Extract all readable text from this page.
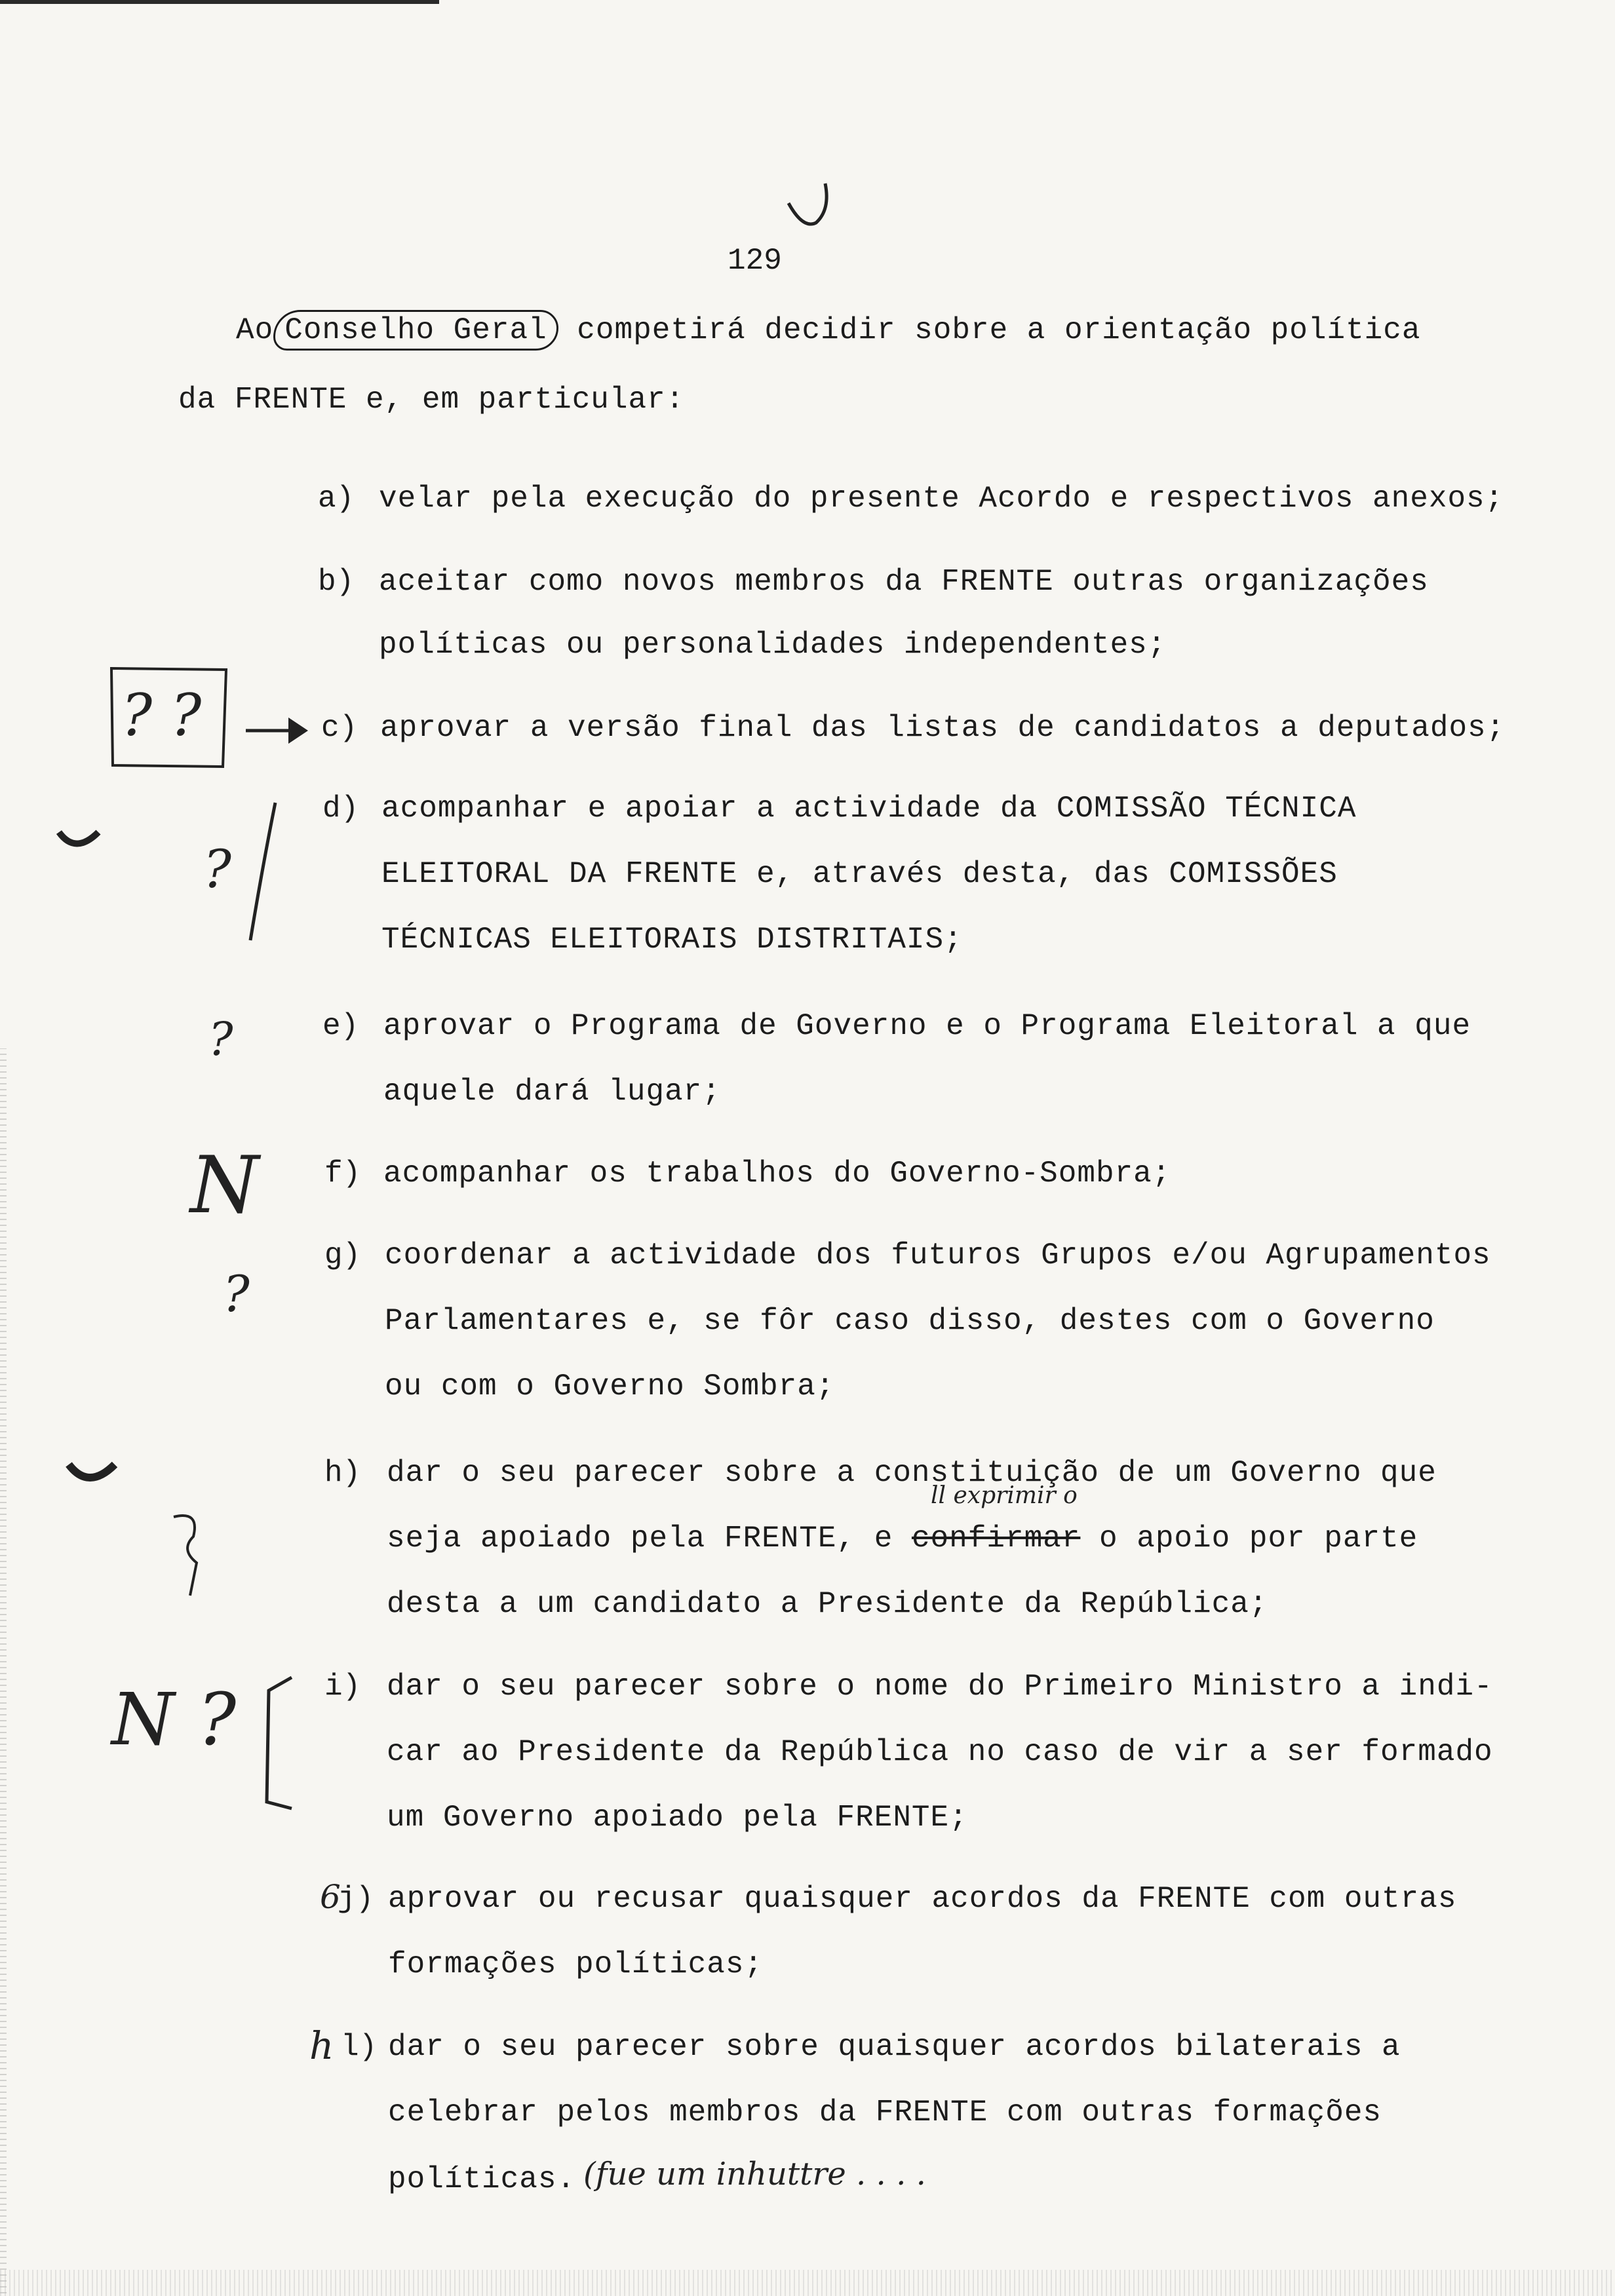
129
Ao Conselho Geral competirá decidir sobre a orientação política
da FRENTE e, em particular:
a) velar pela execução do presente Acordo e respectivos anexos;
b) aceitar como novos membros da FRENTE outras organizações
políticas ou personalidades independentes;
c) aprovar a versão final das listas de candidatos a deputados;
d) acompanhar e apoiar a actividade da COMISSÃO TÉCNICA
ELEITORAL DA FRENTE e, através desta, das COMISSÕES
TÉCNICAS ELEITORAIS DISTRITAIS;
e) aprovar o Programa de Governo e o Programa Eleitoral a que
aquele dará lugar;
f) acompanhar os trabalhos do Governo-Sombra;
g) coordenar a actividade dos futuros Grupos e/ou Agrupamentos
Parlamentares e, se fôr caso disso, destes com o Governo
ou com o Governo Sombra;
h) dar o seu parecer sobre a constituição de um Governo que
ll exprimir o
seja apoiado pela FRENTE, e confirmar o apoio por parte
desta a um candidato a Presidente da República;
i) dar o seu parecer sobre o nome do Primeiro Ministro a indi-
car ao Presidente da República no caso de vir a ser formado
um Governo apoiado pela FRENTE;
6
j) aprovar ou recusar quaisquer acordos da FRENTE com outras
formações políticas;
h l) dar o seu parecer sobre quaisquer acordos bilaterais a
celebrar pelos membros da FRENTE com outras formações
políticas. (fue um inhuttre . . . .
? ?
?
?
N
?
N ?
